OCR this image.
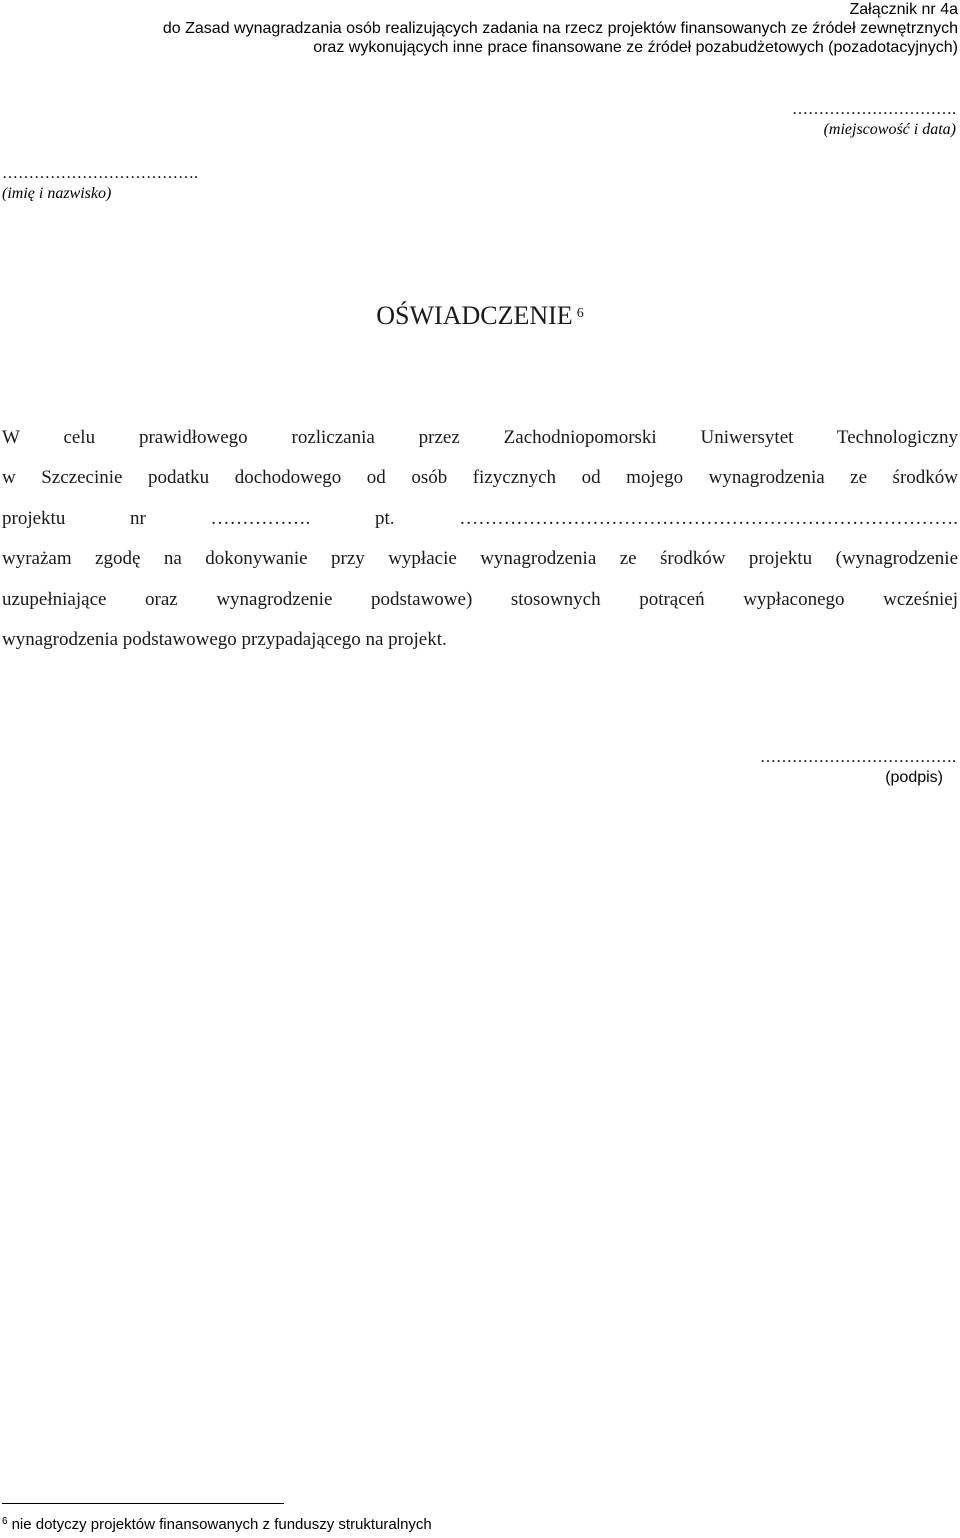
Załącznik nr 4a

do Zasad wynagradzania osób realizujących zadania na rzecz projektów finansowanych ze źródeł zewnętrznych

oraz wykonujących inne prace finansowane ze źródeł pozabudżetowych (pozadotacyjnych)

………………………….
(miejscowość i data)
……………………………….
(imię i nazwisko)
OŚWIADCZENIE $^6$
W celu prawidłowego rozliczania przez Zachodniopomorski Uniwersytet Technologiczny
w Szczecinie podatku dochodowego od osób fizycznych od mojego wynagrodzenia ze środków
projektu nr ……………. pt. …………………………………………………………………….
wyrażam zgodę na dokonywanie przy wypłacie wynagrodzenia ze środków projektu (wynagrodzenie
uzupełniające oraz wynagrodzenie podstawowe) stosownych potrąceń wypłaconego wcześniej
wynagrodzenia podstawowego przypadającego na projekt.
……………………………….
(podpis)
$^6$ nie dotyczy projektów finansowanych z funduszy strukturalnych
